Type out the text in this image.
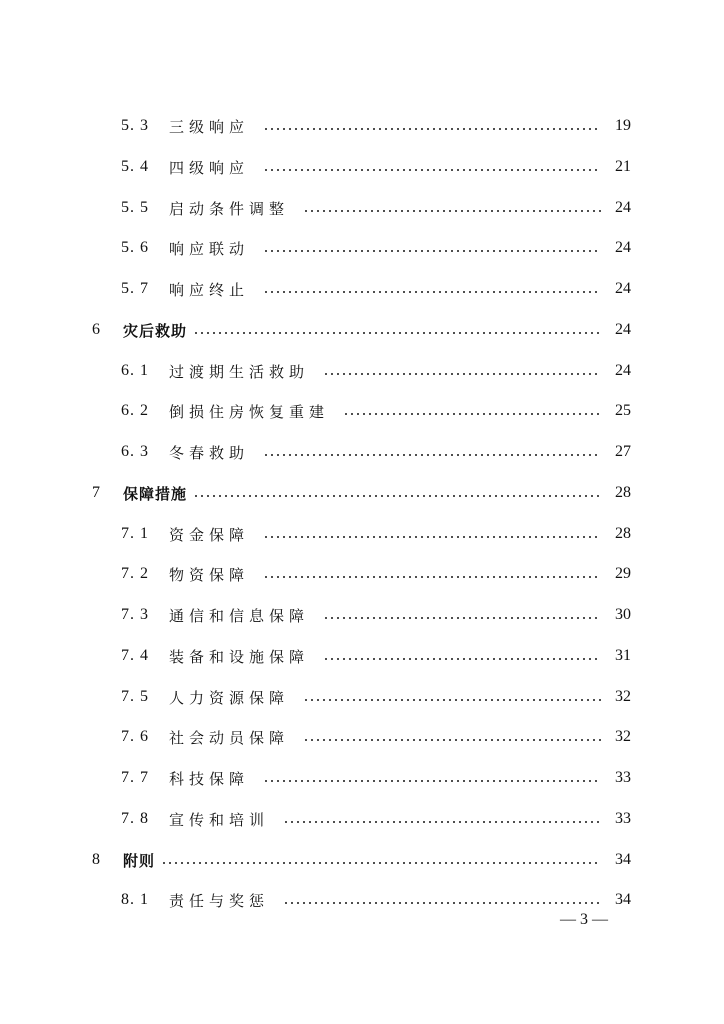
5. 3	三级响应	19
5. 4	四级响应	21
5. 5	启动条件调整	24
5. 6	响应联动	24
5. 7	响应终止	24
6	灾后救助	24
6. 1	过渡期生活救助	24
6. 2	倒损住房恢复重建	25
6. 3	冬春救助	27
7	保障措施	28
7. 1	资金保障	28
7. 2	物资保障	29
7. 3	通信和信息保障	30
7. 4	装备和设施保障	31
7. 5	人力资源保障	32
7. 6	社会动员保障	32
7. 7	科技保障	33
7. 8	宣传和培训	33
8	附则	34
8. 1	责任与奖惩	34
— 3 —
